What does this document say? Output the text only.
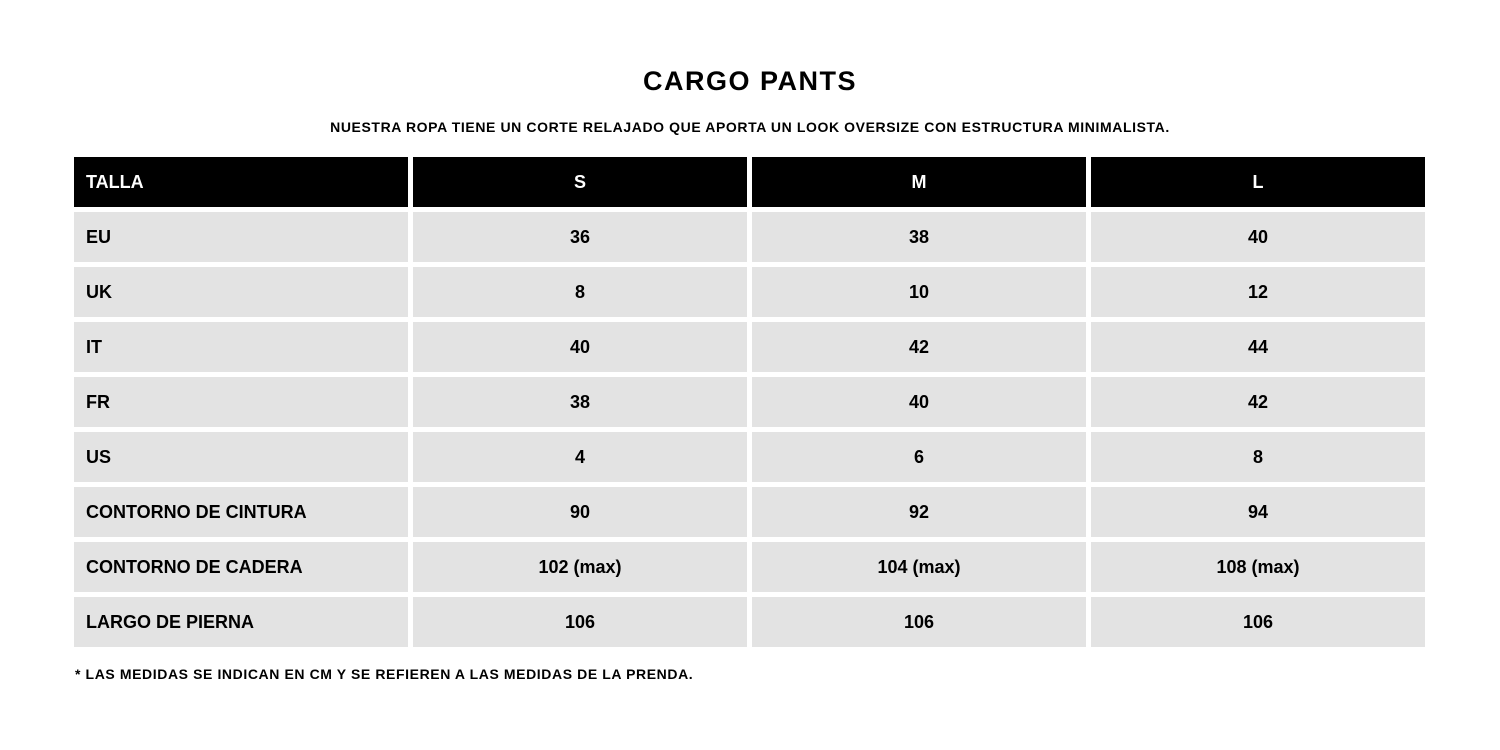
CARGO PANTS
NUESTRA ROPA TIENE UN CORTE RELAJADO QUE APORTA UN LOOK OVERSIZE CON ESTRUCTURA MINIMALISTA.
TALLA	S	M	L
EU	36	38	40
UK	8	10	12
IT	40	42	44
FR	38	40	42
US	4	6	8
CONTORNO DE CINTURA	90	92	94
CONTORNO DE CADERA	102 (max)	104 (max)	108 (max)
LARGO DE PIERNA	106	106	106
* LAS MEDIDAS SE INDICAN EN CM Y SE REFIEREN A LAS MEDIDAS DE LA PRENDA.
